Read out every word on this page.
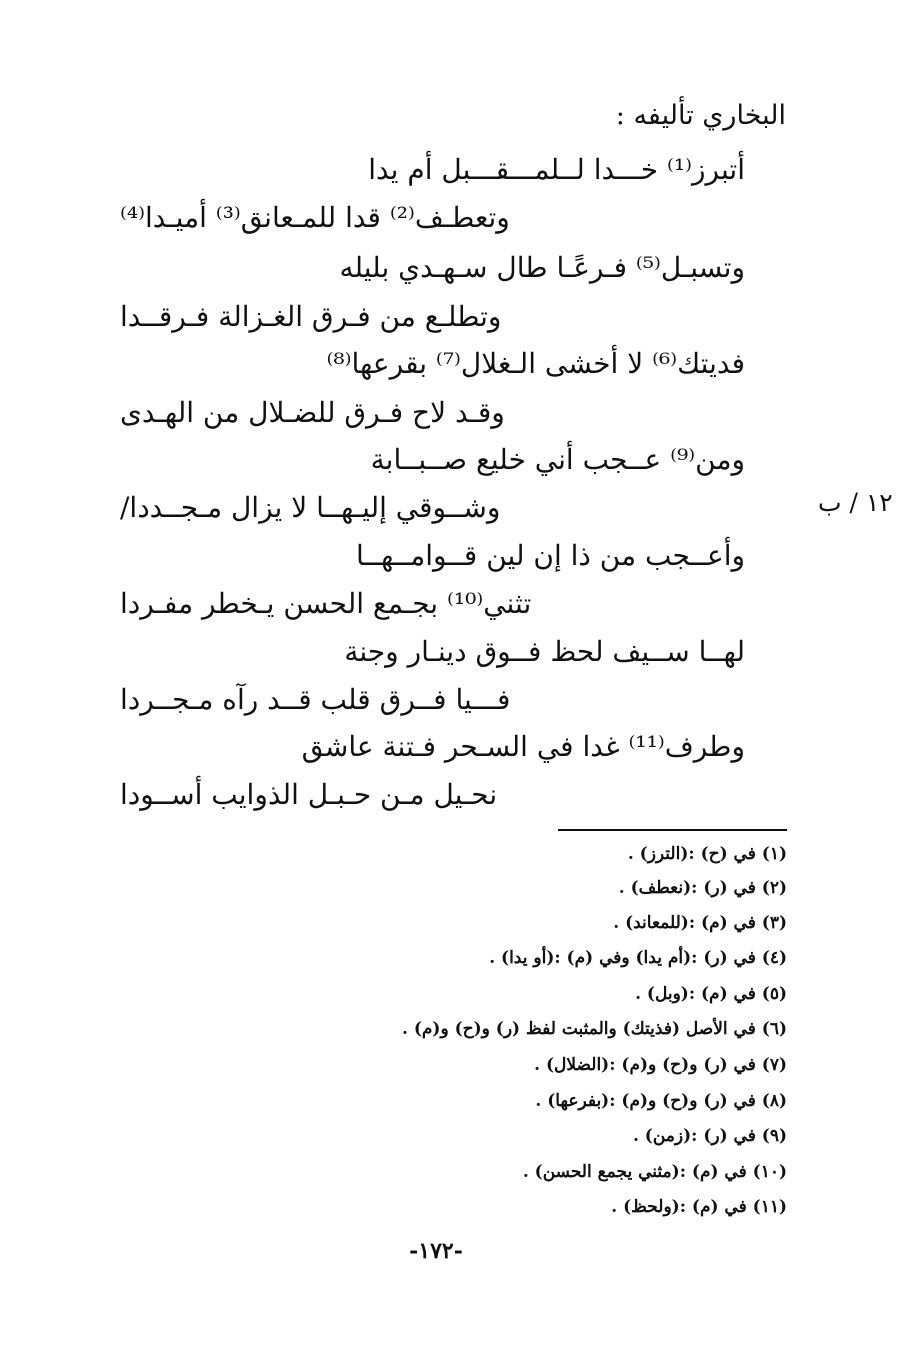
البخاري تأليفه :
أتبرز⁽¹⁾ خـــدا لــلمـــقـــبل أم يدا
وتعطـف⁽²⁾ قدا للمـعانق⁽³⁾ أميـدا⁽⁴⁾
وتسبـل⁽⁵⁾ فـرعًـا طال سـهـدي بليله
وتطلـع من فـرق الغـزالة فـرقــدا
فديتك⁽⁶⁾ لا أخشى الـغلال⁽⁷⁾ بقرعها⁽⁸⁾
وقـد لاح فـرق للضـلال من الهـدى
ومن⁽⁹⁾ عــجب أني خليع صــبــابة
وشــوقي إليـهــا لا يزال مـجــددا/
وأعــجب من ذا إن لين قــوامــهــا
تثني⁽¹⁰⁾ بجـمع الحسن يـخطر مفـردا
لهــا ســيف لحظ فــوق دينـار وجنة
فـــيا فــرق قلب قــد رآه مـجــردا
وطرف⁽¹¹⁾ غدا في السـحر فـتنة عاشق
نحـيل مـن حـبـل الذوايب أســودا
١٢ / ب
(١) في (ح) :(الترز) .
(٢) في (ر) :(نعطف) .
(٣) في (م) :(للمعاند) .
(٤) في (ر) :(أم يدا) وفي (م) :(أو يدا) .
(٥) في (م) :(وبل) .
(٦) في الأصل (فذيتك) والمثبت لفظ (ر) و(ح) و(م) .
(٧) في (ر) و(ح) و(م) :(الضلال) .
(٨) في (ر) و(ح) و(م) :(بفرعها) .
(٩) في (ر) :(زمن) .
(١٠) في (م) :(مثني يجمع الحسن) .
(١١) في (م) :(ولحظ) .
-١٧٢-
